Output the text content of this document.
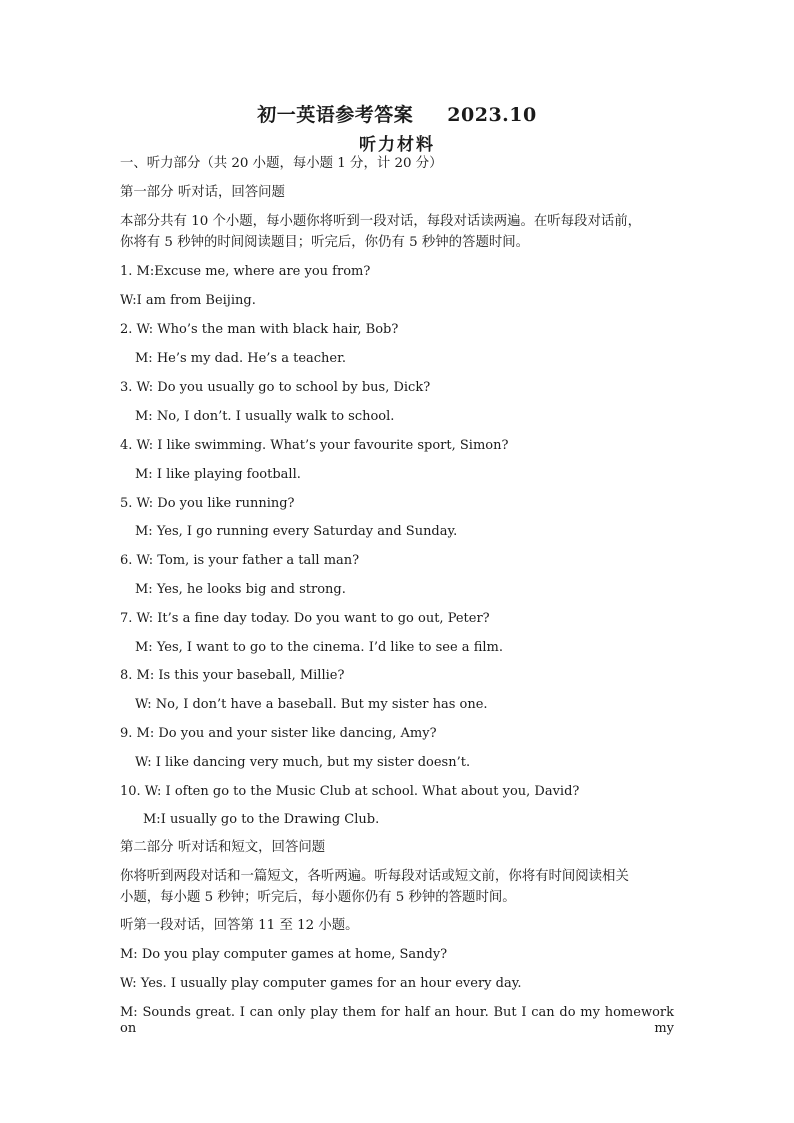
初一英语参考答案 2023.10
听力材料
一、听力部分（共 20 小题，每小题 1 分，计 20 分）
第一部分 听对话，回答问题
本部分共有 10 个小题，每小题你将听到一段对话，每段对话读两遍。在听每段对话前，
你将有 5 秒钟的时间阅读题目；听完后，你仍有 5 秒钟的答题时间。
1. M:Excuse me, where are you from?
W:I am from Beijing.
2. W: Who’s the man with black hair, Bob?
M: He’s my dad. He’s a teacher.
3. W: Do you usually go to school by bus, Dick?
M: No, I don’t. I usually walk to school.
4. W: I like swimming. What’s your favourite sport, Simon?
M: I like playing football.
5. W: Do you like running?
M: Yes, I go running every Saturday and Sunday.
6. W: Tom, is your father a tall man?
M: Yes, he looks big and strong.
7. W: It’s a fine day today. Do you want to go out, Peter?
M: Yes, I want to go to the cinema. I’d like to see a film.
8. M: Is this your baseball, Millie?
W: No, I don’t have a baseball. But my sister has one.
9. M: Do you and your sister like dancing, Amy?
W: I like dancing very much, but my sister doesn’t.
10. W: I often go to the Music Club at school. What about you, David?
M:I usually go to the Drawing Club.
第二部分 听对话和短文，回答问题
你将听到两段对话和一篇短文，各听两遍。听每段对话或短文前，你将有时间阅读相关
小题，每小题 5 秒钟；听完后，每小题你仍有 5 秒钟的答题时间。
听第一段对话，回答第 11 至 12 小题。
M: Do you play computer games at home, Sandy?
W: Yes. I usually play computer games for an hour every day.
M: Sounds great. I can only play them for half an hour. But I can do my homework on my
